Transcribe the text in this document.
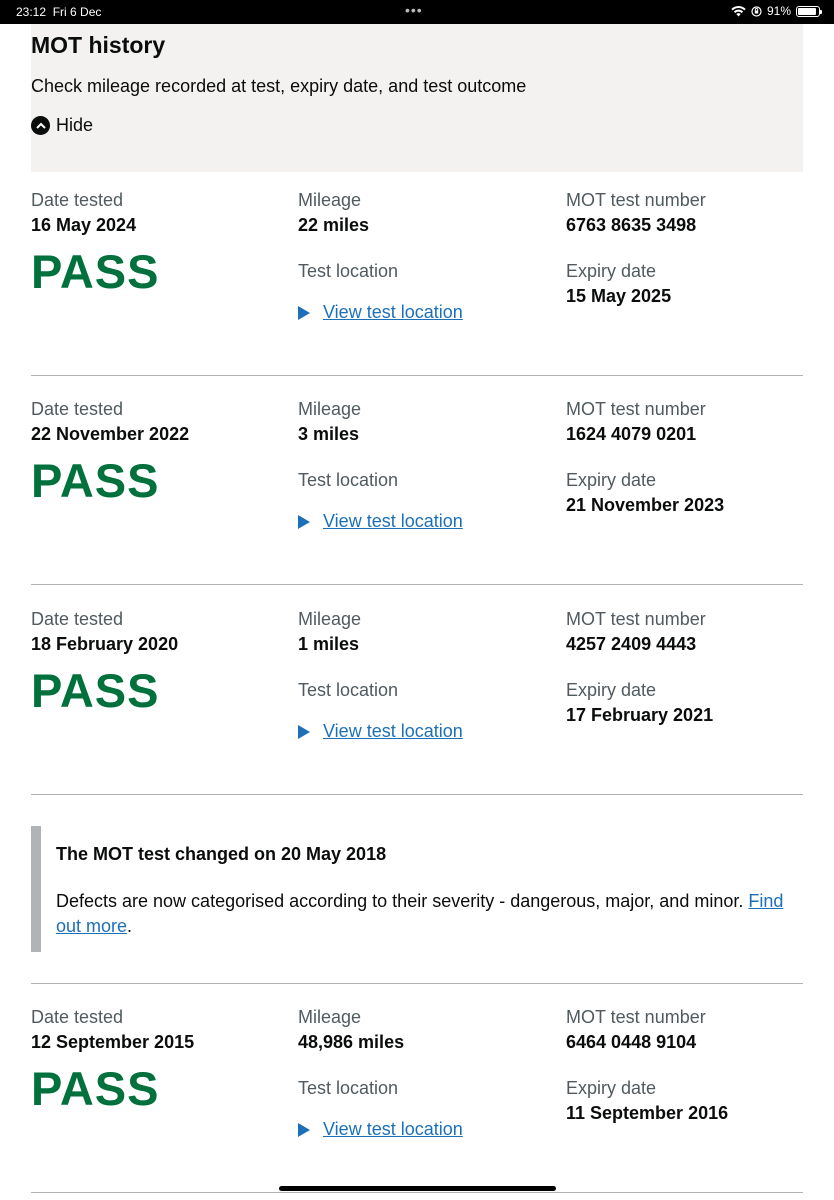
23:12 Fri 6 Dec	•••	91%
MOT history

Check mileage recorded at test, expiry date, and test outcome

Hide
Date tested
16 May 2024
PASS
Mileage
22 miles
Test location
View test location
MOT test number
6763 8635 3498
Expiry date
15 May 2025
Date tested
22 November 2022
PASS
Mileage
3 miles
Test location
View test location
MOT test number
1624 4079 0201
Expiry date
21 November 2023
Date tested
18 February 2020
PASS
Mileage
1 miles
Test location
View test location
MOT test number
4257 2409 4443
Expiry date
17 February 2021

The MOT test changed on 20 May 2018

Defects are now categorised according to their severity - dangerous, major, and minor. Find out more.

Date tested
12 September 2015
PASS
Mileage
48,986 miles
Test location
View test location
MOT test number
6464 0448 9104
Expiry date
11 September 2016
